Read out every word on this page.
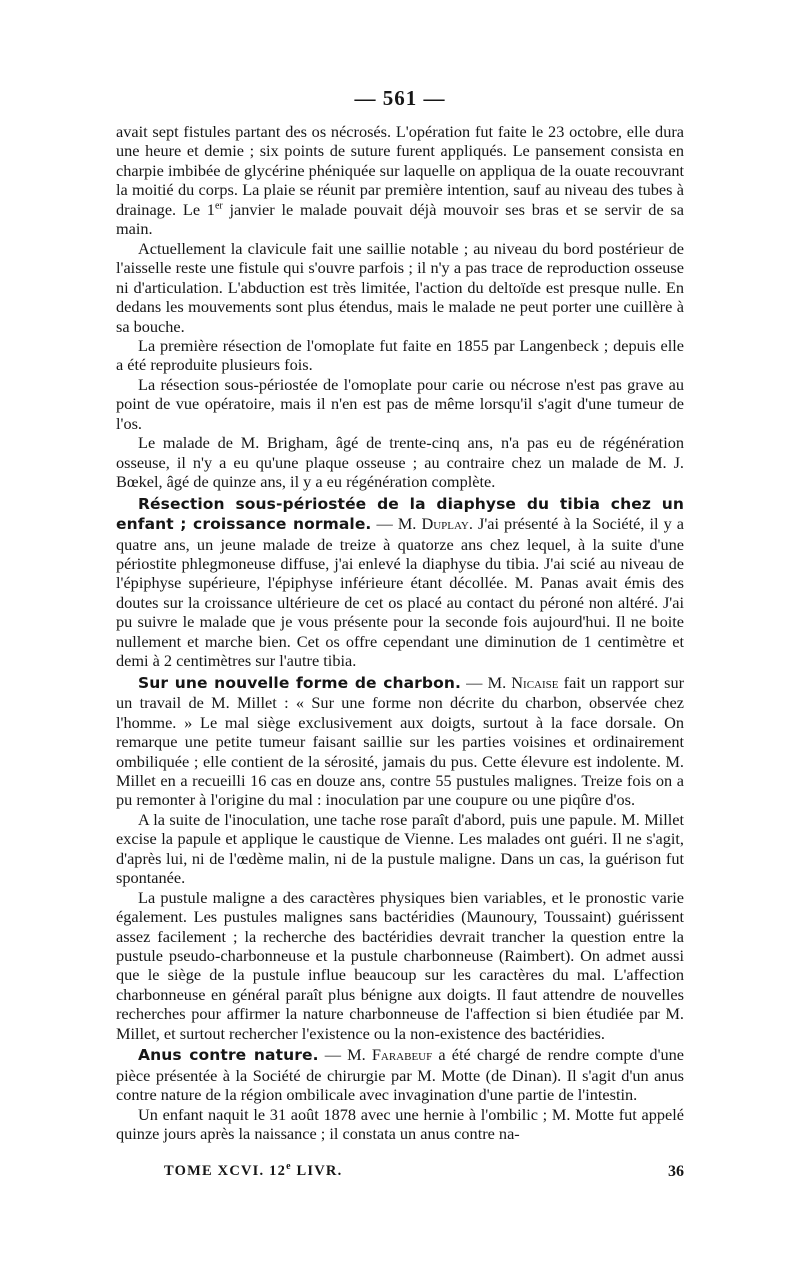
— 561 —

avait sept fistules partant des os nécrosés. L'opération fut faite le 23 octobre, elle dura une heure et demie ; six points de suture furent appliqués. Le pansement consista en charpie imbibée de glycérine phéniquée sur laquelle on appliqua de la ouate recouvrant la moitié du corps. La plaie se réunit par première intention, sauf au niveau des tubes à drainage. Le 1er janvier le malade pouvait déjà mouvoir ses bras et se servir de sa main.

Actuellement la clavicule fait une saillie notable ; au niveau du bord postérieur de l'aisselle reste une fistule qui s'ouvre parfois ; il n'y a pas trace de reproduction osseuse ni d'articulation. L'abduction est très limitée, l'action du deltoïde est presque nulle. En dedans les mouvements sont plus étendus, mais le malade ne peut porter une cuillère à sa bouche.

La première résection de l'omoplate fut faite en 1855 par Langenbeck ; depuis elle a été reproduite plusieurs fois.

La résection sous-périostée de l'omoplate pour carie ou nécrose n'est pas grave au point de vue opératoire, mais il n'en est pas de même lorsqu'il s'agit d'une tumeur de l'os.

Le malade de M. Brigham, âgé de trente-cinq ans, n'a pas eu de régénération osseuse, il n'y a eu qu'une plaque osseuse ; au contraire chez un malade de M. J. Bœkel, âgé de quinze ans, il y a eu régénération complète.

Résection sous-périostée de la diaphyse du tibia chez un enfant ; croissance normale. — M. Duplay. J'ai présenté à la Société, il y a quatre ans, un jeune malade de treize à quatorze ans chez lequel, à la suite d'une périostite phlegmoneuse diffuse, j'ai enlevé la diaphyse du tibia. J'ai scié au niveau de l'épiphyse supérieure, l'épiphyse inférieure étant décollée. M. Panas avait émis des doutes sur la croissance ultérieure de cet os placé au contact du péroné non altéré. J'ai pu suivre le malade que je vous présente pour la seconde fois aujourd'hui. Il ne boite nullement et marche bien. Cet os offre cependant une diminution de 1 centimètre et demi à 2 centimètres sur l'autre tibia.

Sur une nouvelle forme de charbon. — M. Nicaise fait un rapport sur un travail de M. Millet : « Sur une forme non décrite du charbon, observée chez l'homme. » Le mal siège exclusivement aux doigts, surtout à la face dorsale. On remarque une petite tumeur faisant saillie sur les parties voisines et ordinairement ombiliquée ; elle contient de la sérosité, jamais du pus. Cette élevure est indolente. M. Millet en a recueilli 16 cas en douze ans, contre 55 pustules malignes. Treize fois on a pu remonter à l'origine du mal : inoculation par une coupure ou une piqûre d'os.

A la suite de l'inoculation, une tache rose paraît d'abord, puis une papule. M. Millet excise la papule et applique le caustique de Vienne. Les malades ont guéri. Il ne s'agit, d'après lui, ni de l'œdème malin, ni de la pustule maligne. Dans un cas, la guérison fut spontanée.

La pustule maligne a des caractères physiques bien variables, et le pronostic varie également. Les pustules malignes sans bactéridies (Maunoury, Toussaint) guérissent assez facilement ; la recherche des bactéridies devrait trancher la question entre la pustule pseudo-charbonneuse et la pustule charbonneuse (Raimbert). On admet aussi que le siège de la pustule influe beaucoup sur les caractères du mal. L'affection charbonneuse en général paraît plus bénigne aux doigts. Il faut attendre de nouvelles recherches pour affirmer la nature charbonneuse de l'affection si bien étudiée par M. Millet, et surtout rechercher l'existence ou la non-existence des bactéridies.

Anus contre nature. — M. Farabeuf a été chargé de rendre compte d'une pièce présentée à la Société de chirurgie par M. Motte (de Dinan). Il s'agit d'un anus contre nature de la région ombilicale avec invagination d'une partie de l'intestin.

Un enfant naquit le 31 août 1878 avec une hernie à l'ombilic ; M. Motte fut appelé quinze jours après la naissance ; il constata un anus contre na-

TOME XCVI. 12e LIVR.	36
